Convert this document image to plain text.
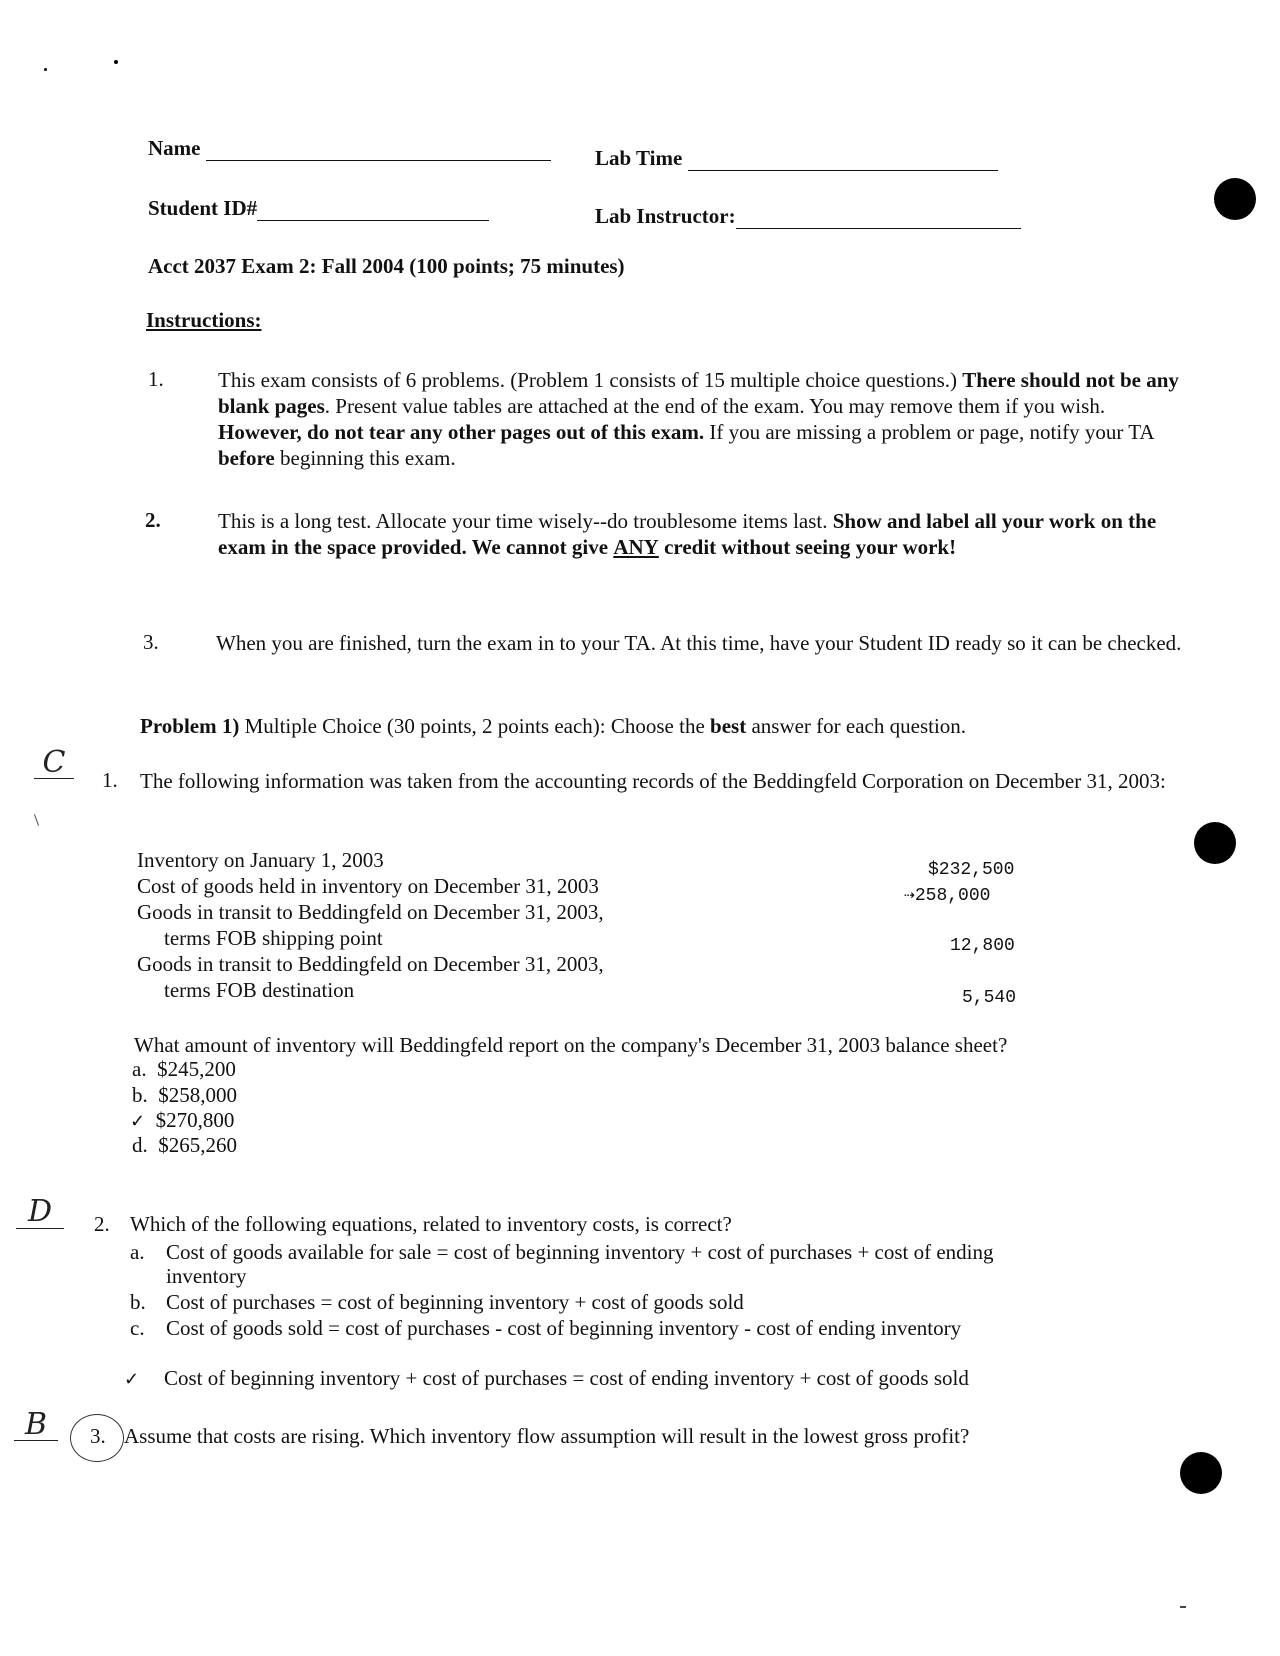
Name	Lab Time
Student ID#	Lab Instructor:
Acct 2037 Exam 2: Fall 2004 (100 points; 75 minutes)
Instructions:
1.	This exam consists of 6 problems. (Problem 1 consists of 15 multiple choice questions.) There should not be any blank pages. Present value tables are attached at the end of the exam. You may remove them if you wish. However, do not tear any other pages out of this exam. If you are missing a problem or page, notify your TA before beginning this exam.
2.	This is a long test. Allocate your time wisely--do troublesome items last. Show and label all your work on the exam in the space provided. We cannot give ANY credit without seeing your work!
3.	When you are finished, turn the exam in to your TA. At this time, have your Student ID ready so it can be checked.
Problem 1) Multiple Choice (30 points, 2 points each): Choose the best answer for each question.
C	1. The following information was taken from the accounting records of the Beddingfeld Corporation on December 31, 2003:
Inventory on January 1, 2003	$232,500
Cost of goods held in inventory on December 31, 2003	⇢258,000
Goods in transit to Beddingfeld on December 31, 2003,
terms FOB shipping point	12,800
Goods in transit to Beddingfeld on December 31, 2003,
terms FOB destination	5,540
What amount of inventory will Beddingfeld report on the company's December 31, 2003 balance sheet?
a. $245,200
b. $258,000
✓ $270,800
d. $265,260
D	2. Which of the following equations, related to inventory costs, is correct?
a. Cost of goods available for sale = cost of beginning inventory + cost of purchases + cost of ending inventory
b. Cost of purchases = cost of beginning inventory + cost of goods sold
c. Cost of goods sold = cost of purchases - cost of beginning inventory - cost of ending inventory
✓ Cost of beginning inventory + cost of purchases = cost of ending inventory + cost of goods sold
B	3. Assume that costs are rising. Which inventory flow assumption will result in the lowest gross profit?
